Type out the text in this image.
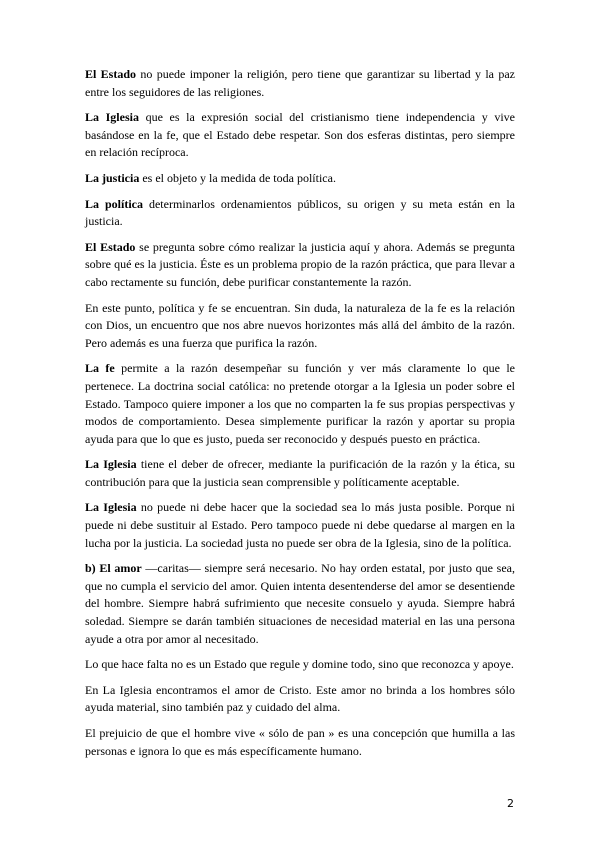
El Estado no puede imponer la religión, pero tiene que garantizar su libertad y la paz entre los seguidores de las religiones.

La Iglesia que es la expresión social del cristianismo tiene independencia y vive basándose en la fe, que el Estado debe respetar. Son dos esferas distintas, pero siempre en relación recíproca.

La justicia es el objeto y la medida de toda política.

La política determinarlos ordenamientos públicos, su origen y su meta están en la justicia.

El Estado se pregunta sobre cómo realizar la justicia aquí y ahora. Además se pregunta sobre qué es la justicia. Éste es un problema propio de la razón práctica, que para llevar a cabo rectamente su función, debe purificar constantemente la razón.

En este punto, política y fe se encuentran. Sin duda, la naturaleza de la fe es la relación con Dios, un encuentro que nos abre nuevos horizontes más allá del ámbito de la razón. Pero además es una fuerza que purifica la razón.

La fe permite a la razón desempeñar su función y ver más claramente lo que le pertenece. La doctrina social católica: no pretende otorgar a la Iglesia un poder sobre el Estado. Tampoco quiere imponer a los que no comparten la fe sus propias perspectivas y modos de comportamiento. Desea simplemente purificar la razón y aportar su propia ayuda para que lo que es justo, pueda ser reconocido y después puesto en práctica.

La Iglesia tiene el deber de ofrecer, mediante la purificación de la razón y la ética, su contribución para que la justicia sean comprensible y políticamente aceptable.

La Iglesia no puede ni debe hacer que la sociedad sea lo más justa posible. Porque ni puede ni debe sustituir al Estado. Pero tampoco puede ni debe quedarse al margen en la lucha por la justicia. La sociedad justa no puede ser obra de la Iglesia, sino de la política.

b) El amor —caritas— siempre será necesario. No hay orden estatal, por justo que sea, que no cumpla el servicio del amor. Quien intenta desentenderse del amor se desentiende del hombre. Siempre habrá sufrimiento que necesite consuelo y ayuda. Siempre habrá soledad. Siempre se darán también situaciones de necesidad material en las una persona ayude a otra por amor al necesitado.

Lo que hace falta no es un Estado que regule y domine todo, sino que reconozca y apoye.

En La Iglesia encontramos el amor de Cristo. Este amor no brinda a los hombres sólo ayuda material, sino también paz y cuidado del alma.

El prejuicio de que el hombre vive « sólo de pan » es una concepción que humilla a las personas e ignora lo que es más específicamente humano.

2
